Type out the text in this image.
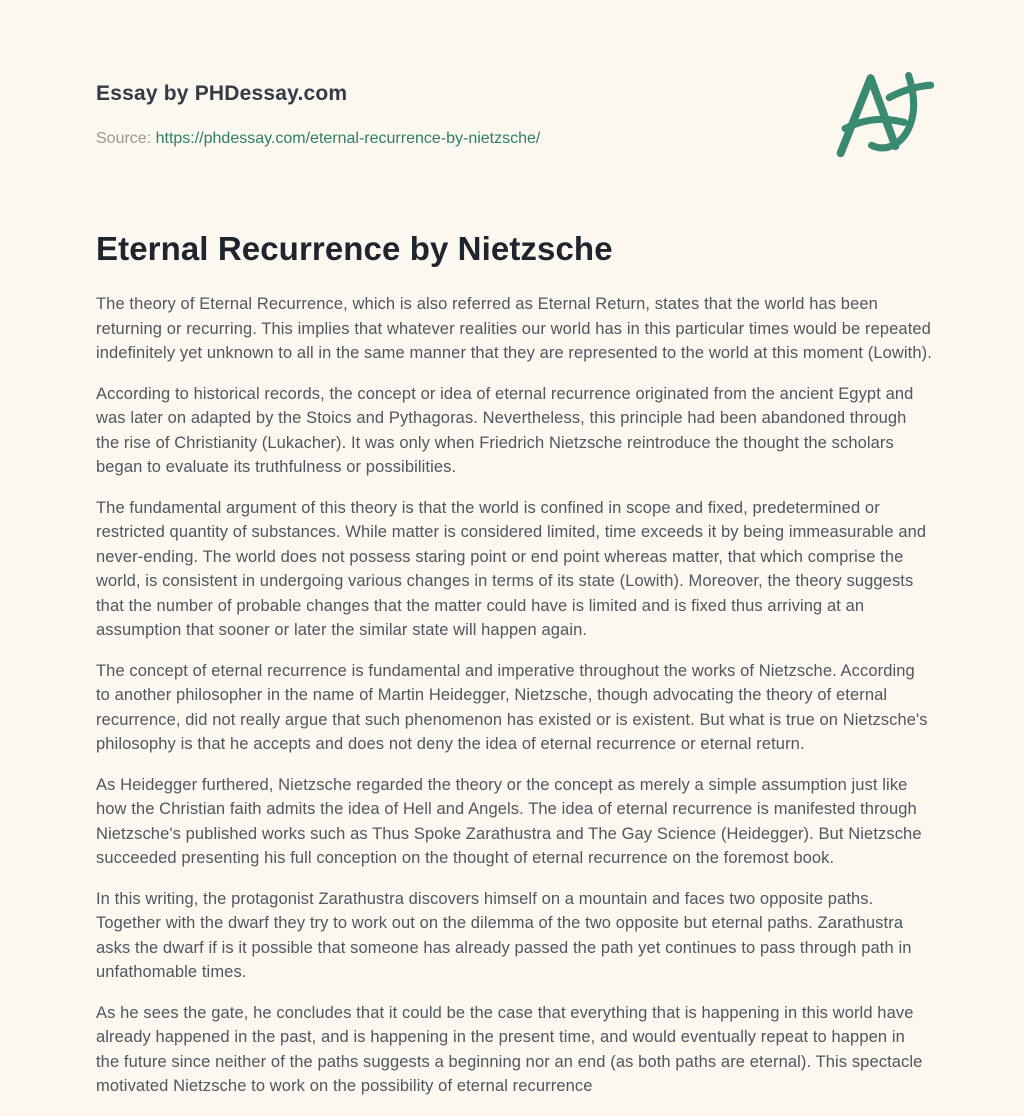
Essay by PHDessay.com
Source: https://phdessay.com/eternal-recurrence-by-nietzsche/
Eternal Recurrence by Nietzsche

The theory of Eternal Recurrence, which is also referred as Eternal Return, states that the world has been returning or recurring. This implies that whatever realities our world has in this particular times would be repeated indefinitely yet unknown to all in the same manner that they are represented to the world at this moment (Lowith).

According to historical records, the concept or idea of eternal recurrence originated from the ancient Egypt and was later on adapted by the Stoics and Pythagoras. Nevertheless, this principle had been abandoned through the rise of Christianity (Lukacher). It was only when Friedrich Nietzsche reintroduce the thought the scholars began to evaluate its truthfulness or possibilities.

The fundamental argument of this theory is that the world is confined in scope and fixed, predetermined or restricted quantity of substances. While matter is considered limited, time exceeds it by being immeasurable and never-ending. The world does not possess staring point or end point whereas matter, that which comprise the world, is consistent in undergoing various changes in terms of its state (Lowith). Moreover, the theory suggests that the number of probable changes that the matter could have is limited and is fixed thus arriving at an assumption that sooner or later the similar state will happen again.

The concept of eternal recurrence is fundamental and imperative throughout the works of Nietzsche. According to another philosopher in the name of Martin Heidegger, Nietzsche, though advocating the theory of eternal recurrence, did not really argue that such phenomenon has existed or is existent. But what is true on Nietzsche's philosophy is that he accepts and does not deny the idea of eternal recurrence or eternal return.

As Heidegger furthered, Nietzsche regarded the theory or the concept as merely a simple assumption just like how the Christian faith admits the idea of Hell and Angels. The idea of eternal recurrence is manifested through Nietzsche's published works such as Thus Spoke Zarathustra and The Gay Science (Heidegger). But Nietzsche succeeded presenting his full conception on the thought of eternal recurrence on the foremost book.

In this writing, the protagonist Zarathustra discovers himself on a mountain and faces two opposite paths. Together with the dwarf they try to work out on the dilemma of the two opposite but eternal paths. Zarathustra asks the dwarf if is it possible that someone has already passed the path yet continues to pass through path in unfathomable times.

As he sees the gate, he concludes that it could be the case that everything that is happening in this world have already happened in the past, and is happening in the present time, and would eventually repeat to happen in the future since neither of the paths suggests a beginning nor an end (as both paths are eternal). This spectacle motivated Nietzsche to work on the possibility of eternal recurrence
